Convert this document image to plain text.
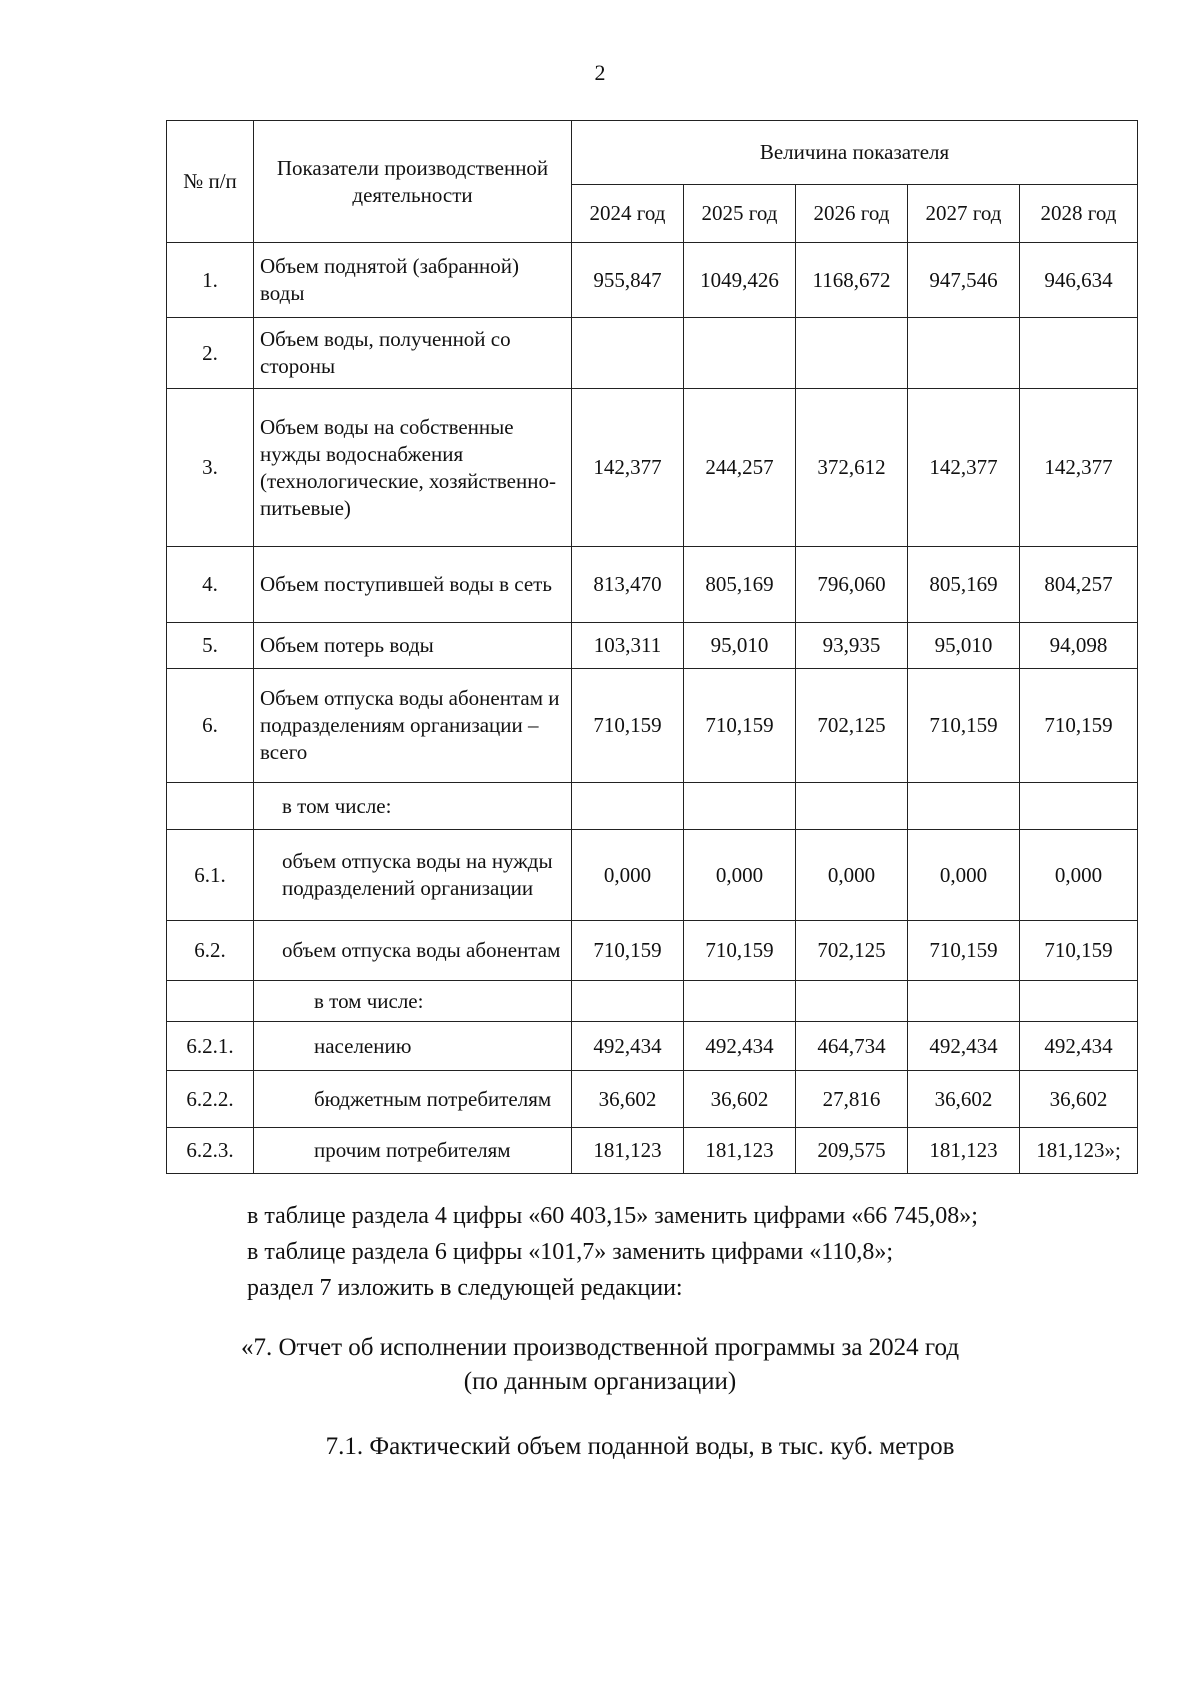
2
№ п/п	Показатели производственной деятельности	Величина показателя				
		2024 год	2025 год	2026 год	2027 год	2028 год
1.	Объем поднятой (забранной) воды	955,847	1049,426	1168,672	947,546	946,634
2.	Объем воды, полученной со стороны					
3.	Объем воды на собственные нужды водоснабжения (технологические, хозяйственно-питьевые)	142,377	244,257	372,612	142,377	142,377
4.	Объем поступившей воды в сеть	813,470	805,169	796,060	805,169	804,257
5.	Объем потерь воды	103,311	95,010	93,935	95,010	94,098
6.	Объем отпуска воды абонентам и подразделениям организации – всего	710,159	710,159	702,125	710,159	710,159
	в том числе:					
6.1.	объем отпуска воды на нужды подразделений организации	0,000	0,000	0,000	0,000	0,000
6.2.	объем отпуска воды абонентам	710,159	710,159	702,125	710,159	710,159
	в том числе:					
6.2.1.	населению	492,434	492,434	464,734	492,434	492,434
6.2.2.	бюджетным потребителям	36,602	36,602	27,816	36,602	36,602
6.2.3.	прочим потребителям	181,123	181,123	209,575	181,123	181,123»;

в таблице раздела 4 цифры «60 403,15» заменить цифрами «66 745,08»;

в таблице раздела 6 цифры «101,7» заменить цифрами «110,8»;

раздел 7 изложить в следующей редакции:

«7. Отчет об исполнении производственной программы за 2024 год

(по данным организации)

7.1. Фактический объем поданной воды, в тыс. куб. метров
